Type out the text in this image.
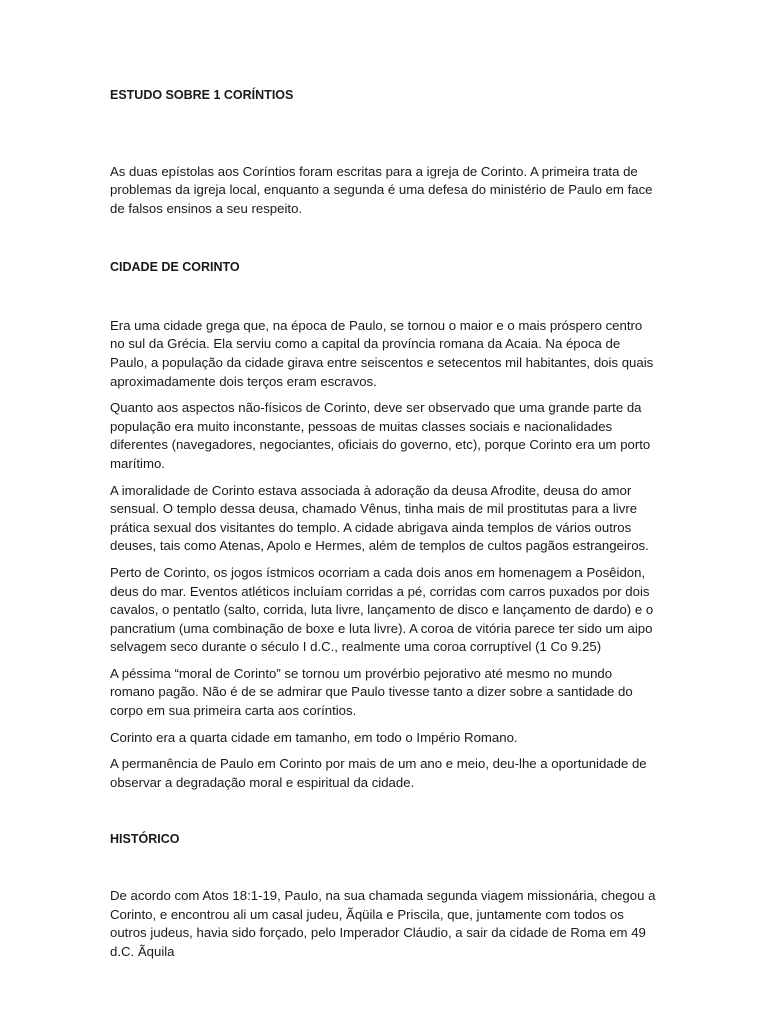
ESTUDO SOBRE 1 CORÍNTIOS

As duas epístolas aos Coríntios foram escritas para a igreja de Corinto. A primeira trata de problemas da igreja local, enquanto a segunda é uma defesa do ministério de Paulo em face de falsos ensinos a seu respeito.

CIDADE DE CORINTO

Era uma cidade grega que, na época de Paulo, se tornou o maior e o mais próspero centro no sul da Grécia. Ela serviu como a capital da província romana da Acaia. Na época de Paulo, a população da cidade girava entre seiscentos e setecentos mil habitantes, dois quais aproximadamente dois terços eram escravos.

Quanto aos aspectos não-físicos de Corinto, deve ser observado que uma grande parte da população era muito inconstante, pessoas de muitas classes sociais e nacionalidades diferentes (navegadores, negociantes, oficiais do governo, etc), porque Corinto era um porto marítimo.

A imoralidade de Corinto estava associada à adoração da deusa Afrodite, deusa do amor sensual. O templo dessa deusa, chamado Vênus, tinha mais de mil prostitutas para a livre prática sexual dos visitantes do templo. A cidade abrigava ainda templos de vários outros deuses, tais como Atenas, Apolo e Hermes, além de templos de cultos pagãos estrangeiros.

Perto de Corinto, os jogos ístmicos ocorriam a cada dois anos em homenagem a Posêidon, deus do mar. Eventos atléticos incluíam corridas a pé, corridas com carros puxados por dois cavalos, o pentatlo (salto, corrida, luta livre, lançamento de disco e lançamento de dardo) e o pancratium (uma combinação de boxe e luta livre). A coroa de vitória parece ter sido um aipo selvagem seco durante o século I d.C., realmente uma coroa corruptível (1 Co 9.25)

A péssima “moral de Corinto” se tornou um provérbio pejorativo até mesmo no mundo romano pagão. Não é de se admirar que Paulo tivesse tanto a dizer sobre a santidade do corpo em sua primeira carta aos coríntios.

Corinto era a quarta cidade em tamanho, em todo o Império Romano.

A permanência de Paulo em Corinto por mais de um ano e meio, deu-lhe a oportunidade de observar a degradação moral e espiritual da cidade.

HISTÓRICO

De acordo com Atos 18:1-19, Paulo, na sua chamada segunda viagem missionária, chegou a Corinto, e encontrou ali um casal judeu, Ãqüila e Priscila, que, juntamente com todos os outros judeus, havia sido forçado, pelo Imperador Cláudio, a sair da cidade de Roma em 49 d.C. Ãquila
